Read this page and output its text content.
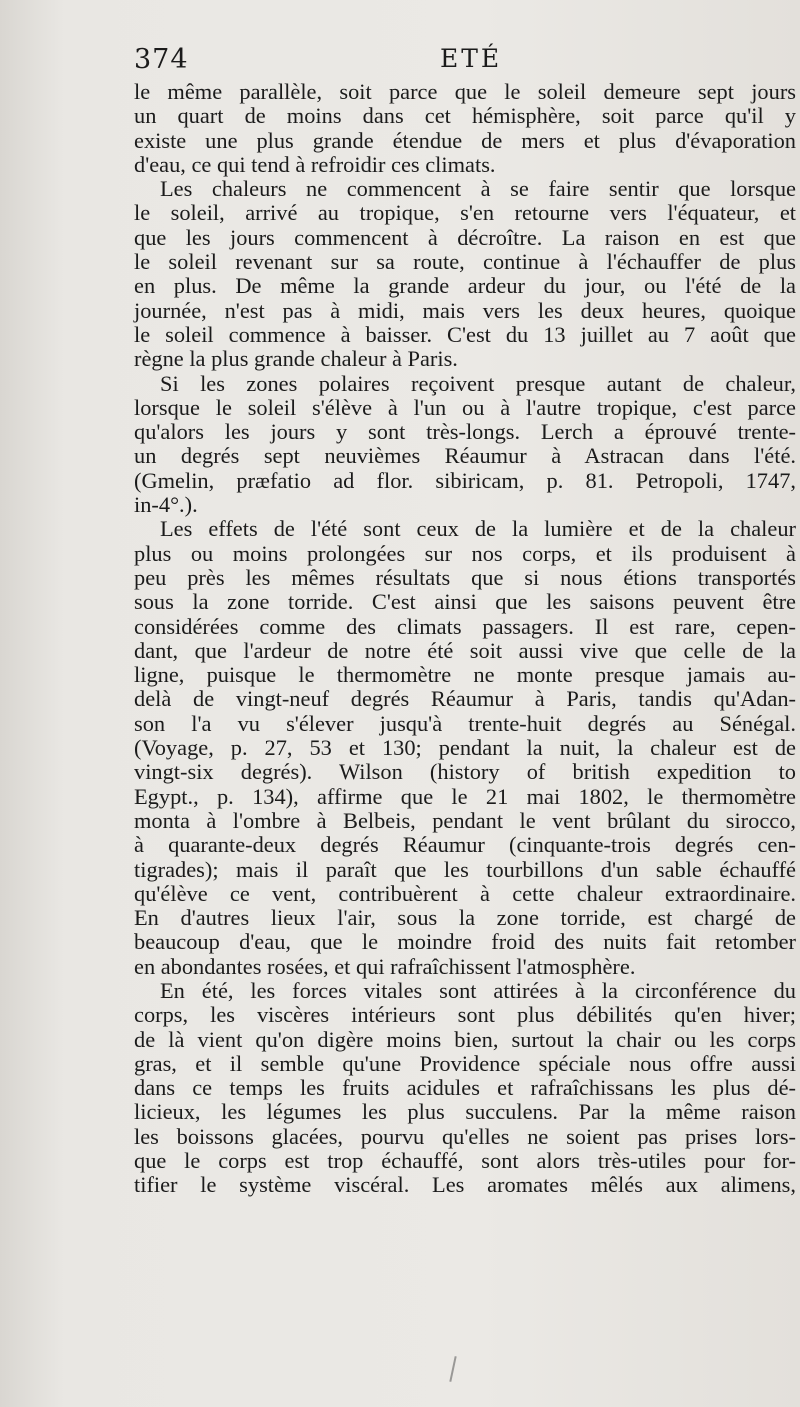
374	ETÉ
le même parallèle, soit parce que le soleil demeure sept jours
un quart de moins dans cet hémisphère, soit parce qu'il y
existe une plus grande étendue de mers et plus d'évaporation
d'eau, ce qui tend à refroidir ces climats.
Les chaleurs ne commencent à se faire sentir que lorsque
le soleil, arrivé au tropique, s'en retourne vers l'équateur, et
que les jours commencent à décroître. La raison en est que
le soleil revenant sur sa route, continue à l'échauffer de plus
en plus. De même la grande ardeur du jour, ou l'été de la
journée, n'est pas à midi, mais vers les deux heures, quoique
le soleil commence à baisser. C'est du 13 juillet au 7 août que
règne la plus grande chaleur à Paris.
Si les zones polaires reçoivent presque autant de chaleur,
lorsque le soleil s'élève à l'un ou à l'autre tropique, c'est parce
qu'alors les jours y sont très-longs. Lerch a éprouvé trente-
un degrés sept neuvièmes Réaumur à Astracan dans l'été.
(Gmelin, præfatio ad flor. sibiricam, p. 81. Petropoli, 1747,
in-4°.).
Les effets de l'été sont ceux de la lumière et de la chaleur
plus ou moins prolongées sur nos corps, et ils produisent à
peu près les mêmes résultats que si nous étions transportés
sous la zone torride. C'est ainsi que les saisons peuvent être
considérées comme des climats passagers. Il est rare, cepen-
dant, que l'ardeur de notre été soit aussi vive que celle de la
ligne, puisque le thermomètre ne monte presque jamais au-
delà de vingt-neuf degrés Réaumur à Paris, tandis qu'Adan-
son l'a vu s'élever jusqu'à trente-huit degrés au Sénégal.
(Voyage, p. 27, 53 et 130; pendant la nuit, la chaleur est de
vingt-six degrés). Wilson (history of british expedition to
Egypt., p. 134), affirme que le 21 mai 1802, le thermomètre
monta à l'ombre à Belbeis, pendant le vent brûlant du sirocco,
à quarante-deux degrés Réaumur (cinquante-trois degrés cen-
tigrades); mais il paraît que les tourbillons d'un sable échauffé
qu'élève ce vent, contribuèrent à cette chaleur extraordinaire.
En d'autres lieux l'air, sous la zone torride, est chargé de
beaucoup d'eau, que le moindre froid des nuits fait retomber
en abondantes rosées, et qui rafraîchissent l'atmosphère.
En été, les forces vitales sont attirées à la circonférence du
corps, les viscères intérieurs sont plus débilités qu'en hiver;
de là vient qu'on digère moins bien, surtout la chair ou les corps
gras, et il semble qu'une Providence spéciale nous offre aussi
dans ce temps les fruits acidules et rafraîchissans les plus dé-
licieux, les légumes les plus succulens. Par la même raison
les boissons glacées, pourvu qu'elles ne soient pas prises lors-
que le corps est trop échauffé, sont alors très-utiles pour for-
tifier le système viscéral. Les aromates mêlés aux alimens,
